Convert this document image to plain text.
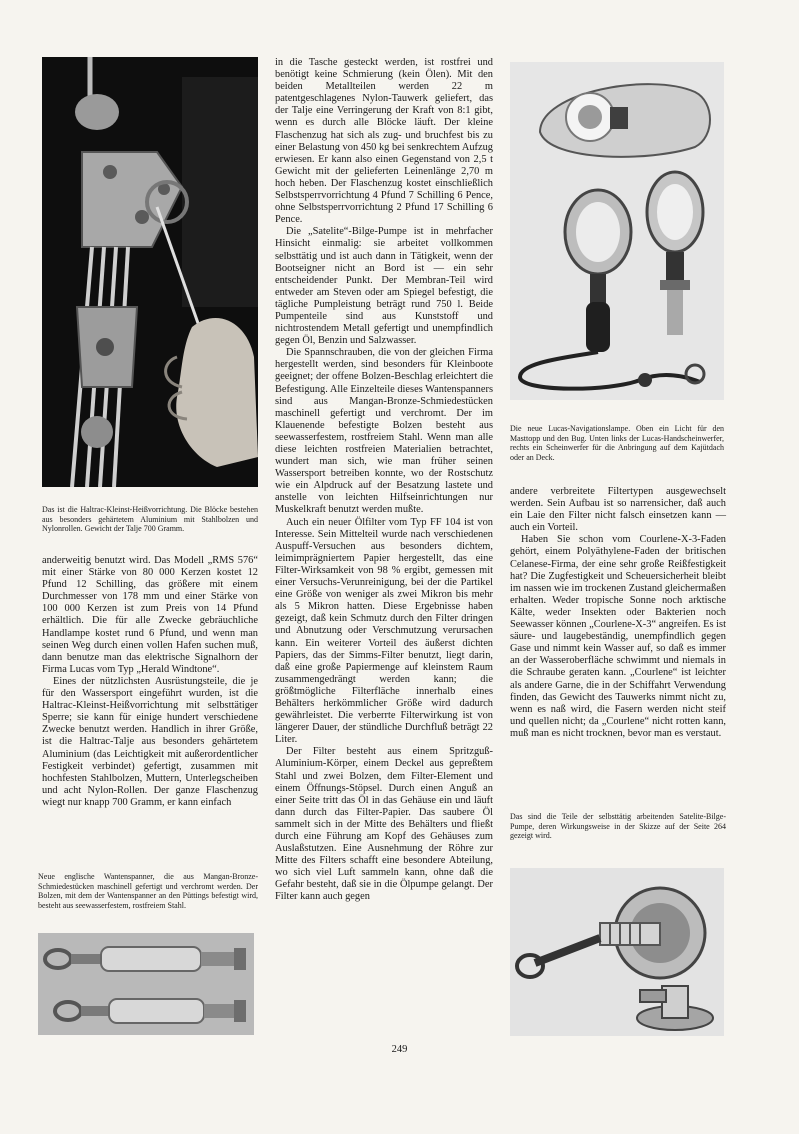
Das ist die Haltrac-Kleinst-Heißvorrichtung. Die Blöcke bestehen aus besonders gehärtetem Aluminium mit Stahlbolzen und Nylonrollen. Gewicht der Talje 700 Gramm.

anderweitig benutzt wird. Das Modell „RMS 576“ mit einer Stärke von 80 000 Kerzen kostet 12 Pfund 12 Schilling, das größere mit einem Durchmesser von 178 mm und einer Stärke von 100 000 Kerzen ist zum Preis von 14 Pfund erhältlich. Die für alle Zwecke gebräuchliche Handlampe kostet rund 6 Pfund, und wenn man seinen Weg durch einen vollen Hafen suchen muß, dann benutze man das elektrische Signalhorn der Firma Lucas vom Typ „Herald Windtone“.

Eines der nützlichsten Ausrüstungsteile, die je für den Wassersport eingeführt wurden, ist die Haltrac-Kleinst-Heißvorrichtung mit selbsttätiger Sperre; sie kann für einige hundert verschiedene Zwecke benutzt werden. Handlich in ihrer Größe, ist die Haltrac-Talje aus besonders gehärtetem Aluminium (das Leichtigkeit mit außerordentlicher Festigkeit verbindet) gefertigt, zusammen mit hochfesten Stahlbolzen, Muttern, Unterlegscheiben und acht Nylon-Rollen. Der ganze Flaschenzug wiegt nur knapp 700 Gramm, er kann einfach

Neue englische Wantenspanner, die aus Mangan-Bronze-Schmiedestücken maschinell gefertigt und verchromt werden. Der Bolzen, mit dem der Wantenspanner an den Püttings befestigt wird, besteht aus seewasserfestem, rostfreiem Stahl.

in die Tasche gesteckt werden, ist rostfrei und benötigt keine Schmierung (kein Ölen). Mit den beiden Metallteilen werden 22 m patentgeschlagenes Nylon-Tauwerk geliefert, das der Talje eine Verringerung der Kraft von 8:1 gibt, wenn es durch alle Blöcke läuft. Der kleine Flaschenzug hat sich als zug- und bruchfest bis zu einer Belastung von 450 kg bei senkrechtem Aufzug erwiesen. Er kann also einen Gegenstand von 2,5 t Gewicht mit der gelieferten Leinenlänge 2,70 m hoch heben. Der Flaschenzug kostet einschließlich Selbstsperrvorrichtung 4 Pfund 7 Schilling 6 Pence, ohne Selbstsperrvorrichtung 2 Pfund 17 Schilling 6 Pence.

Die „Satelite“-Bilge-Pumpe ist in mehrfacher Hinsicht einmalig: sie arbeitet vollkommen selbsttätig und ist auch dann in Tätigkeit, wenn der Bootseigner nicht an Bord ist — ein sehr entscheidender Punkt. Der Membran-Teil wird entweder am Steven oder am Spiegel befestigt, die tägliche Pumpleistung beträgt rund 750 l. Beide Pumpenteile sind aus Kunststoff und nichtrostendem Metall gefertigt und unempfindlich gegen Öl, Benzin und Salzwasser.

Die Spannschrauben, die von der gleichen Firma hergestellt werden, sind besonders für Kleinboote geeignet; der offene Bolzen-Beschlag erleichtert die Befestigung. Alle Einzelteile dieses Wantenspanners sind aus Mangan-Bronze-Schmiedestücken maschinell gefertigt und verchromt. Der im Klauenende befestigte Bolzen besteht aus seewasserfestem, rostfreiem Stahl. Wenn man alle diese leichten rostfreien Materialien betrachtet, wundert man sich, wie man früher seinen Wassersport betreiben konnte, wo der Rostschutz wie ein Alpdruck auf der Besatzung lastete und anstelle von leichten Hilfseinrichtungen nur Muskelkraft benutzt werden mußte.

Auch ein neuer Ölfilter vom Typ FF 104 ist von Interesse. Sein Mittelteil wurde nach verschiedenen Auspuff-Versuchen aus besonders dichtem, leimimprägniertem Papier hergestellt, das eine Filter-Wirksamkeit von 98 % ergibt, gemessen mit einer Versuchs-Verunreinigung, bei der die Partikel eine Größe von weniger als zwei Mikron bis mehr als 5 Mikron hatten. Diese Ergebnisse haben gezeigt, daß kein Schmutz durch den Filter dringen und Abnutzung oder Verschmutzung verursachen kann. Ein weiterer Vorteil des äußerst dichten Papiers, das der Simms-Filter benutzt, liegt darin, daß eine große Papiermenge auf kleinstem Raum zusammengedrängt werden kann; die größtmögliche Filterfläche innerhalb eines Behälters herkömmlicher Größe wird dadurch gewährleistet. Die verberrte Filterwirkung ist von längerer Dauer, der stündliche Durchfluß beträgt 22 Liter.

Der Filter besteht aus einem Spritzguß-Aluminium-Körper, einem Deckel aus gepreßtem Stahl und zwei Bolzen, dem Filter-Element und einem Öffnungs-Stöpsel. Durch einen Anguß an einer Seite tritt das Öl in das Gehäuse ein und läuft dann durch das Filter-Papier. Das saubere Öl sammelt sich in der Mitte des Behälters und fließt durch eine Führung am Kopf des Gehäuses zum Auslaßstutzen. Eine Ausnehmung der Röhre zur Mitte des Filters schafft eine besondere Abteilung, wo sich viel Luft sammeln kann, ohne daß die Gefahr besteht, daß sie in die Ölpumpe gelangt. Der Filter kann auch gegen

Die neue Lucas-Navigationslampe. Oben ein Licht für den Masttopp und den Bug. Unten links der Lucas-Handscheinwerfer, rechts ein Scheinwerfer für die Anbringung auf dem Kajütdach oder an Deck.

andere verbreitete Filtertypen ausgewechselt werden. Sein Aufbau ist so narrensicher, daß auch ein Laie den Filter nicht falsch einsetzen kann — auch ein Vorteil.

Haben Sie schon vom Courlene-X-3-Faden gehört, einem Polyäthylene-Faden der britischen Celanese-Firma, der eine sehr große Reißfestigkeit hat? Die Zugfestigkeit und Scheuersicherheit bleibt im nassen wie im trockenen Zustand gleichermaßen erhalten. Weder tropische Sonne noch arktische Kälte, weder Insekten oder Bakterien noch Seewasser können „Courlene-X-3“ angreifen. Es ist säure- und laugebeständig, unempfindlich gegen Gase und nimmt kein Wasser auf, so daß es immer an der Wasseroberfläche schwimmt und niemals in die Schraube geraten kann. „Courlene“ ist leichter als andere Garne, die in der Schiffahrt Verwendung finden, das Gewicht des Tauwerks nimmt nicht zu, wenn es naß wird, die Fasern werden nicht steif und quellen nicht; da „Courlene“ nicht rotten kann, muß man es nicht trocknen, bevor man es verstaut.

Das sind die Teile der selbsttätig arbeitenden Satelite-Bilge-Pumpe, deren Wirkungsweise in der Skizze auf der Seite 264 gezeigt wird.
249
